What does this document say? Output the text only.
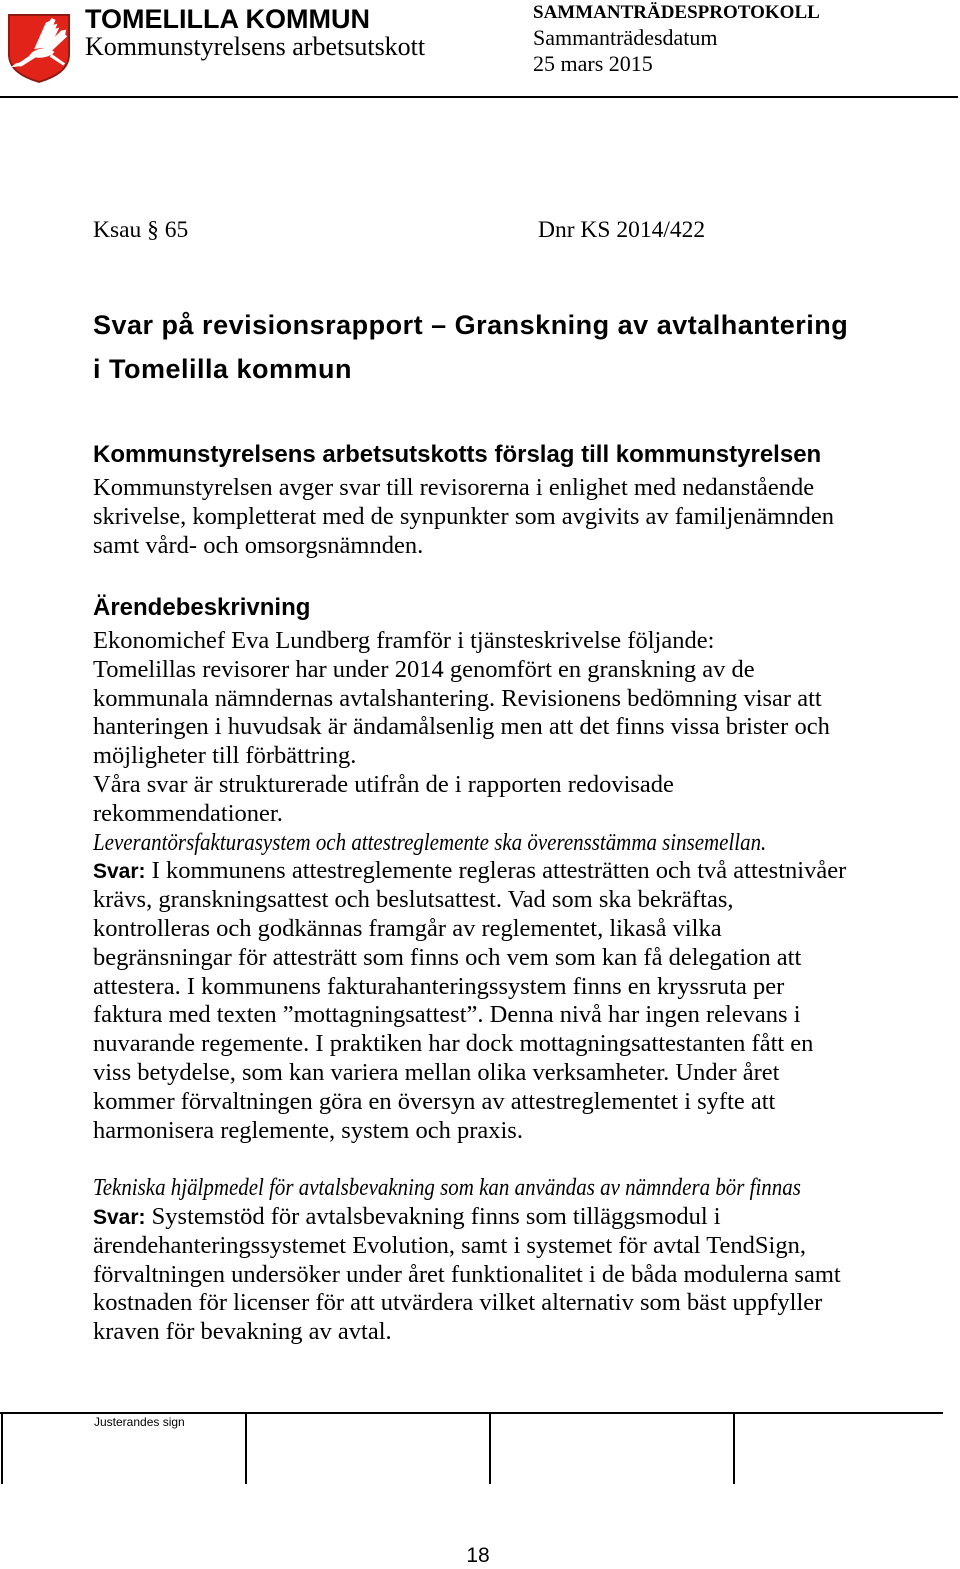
TOMELILLA KOMMUN
Kommunstyrelsens arbetsutskott
SAMMANTRÄDESPROTOKOLL
Sammanträdesdatum
25 mars 2015
Ksau § 65	Dnr KS 2014/422
Svar på revisionsrapport – Granskning av avtalhantering
i Tomelilla kommun
Kommunstyrelsens arbetsutskotts förslag till kommunstyrelsen
Kommunstyrelsen avger svar till revisorerna i enlighet med nedanstående
skrivelse, kompletterat med de synpunkter som avgivits av familjenämnden
samt vård- och omsorgsnämnden.
Ärendebeskrivning
Ekonomichef Eva Lundberg framför i tjänsteskrivelse följande:
Tomelillas revisorer har under 2014 genomfört en granskning av de
kommunala nämndernas avtalshantering. Revisionens bedömning visar att
hanteringen i huvudsak är ändamålsenlig men att det finns vissa brister och
möjligheter till förbättring.
Våra svar är strukturerade utifrån de i rapporten redovisade
rekommendationer.
Leverantörsfakturasystem och attestreglemente ska överensstämma sinsemellan.
Svar: I kommunens attestreglemente regleras attesträtten och två attestnivåer
krävs, granskningsattest och beslutsattest. Vad som ska bekräftas,
kontrolleras och godkännas framgår av reglementet, likaså vilka
begränsningar för attesträtt som finns och vem som kan få delegation att
attestera. I kommunens fakturahanteringssystem finns en kryssruta per
faktura med texten ”mottagningsattest”. Denna nivå har ingen relevans i
nuvarande regemente. I praktiken har dock mottagningsattestanten fått en
viss betydelse, som kan variera mellan olika verksamheter. Under året
kommer förvaltningen göra en översyn av attestreglementet i syfte att
harmonisera reglemente, system och praxis.
Tekniska hjälpmedel för avtalsbevakning som kan användas av nämndera bör finnas
Svar: Systemstöd för avtalsbevakning finns som tilläggsmodul i
ärendehanteringssystemet Evolution, samt i systemet för avtal TendSign,
förvaltningen undersöker under året funktionalitet i de båda modulerna samt
kostnaden för licenser för att utvärdera vilket alternativ som bäst uppfyller
kraven för bevakning av avtal.
Justerandes sign
18
